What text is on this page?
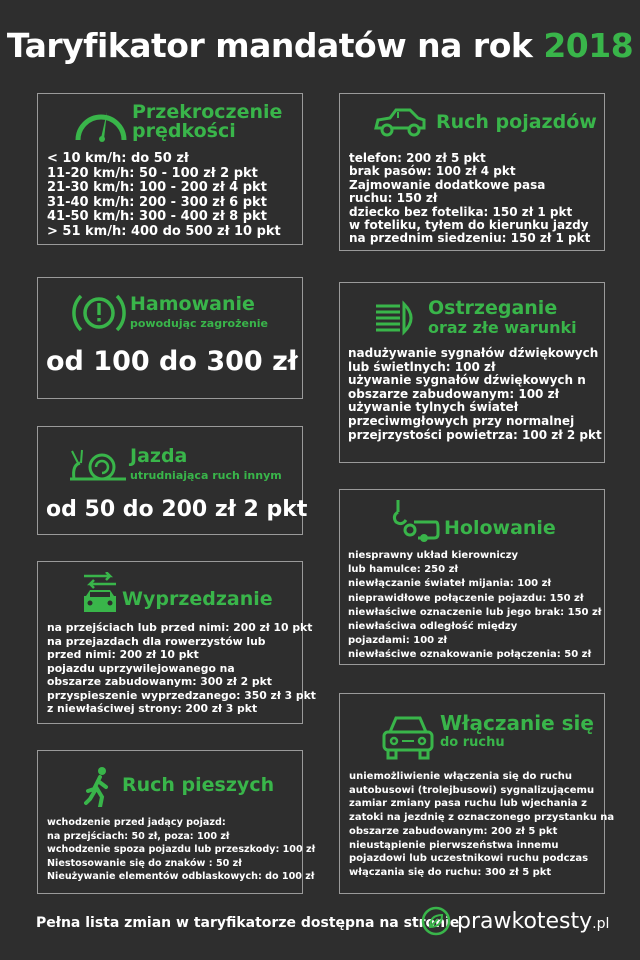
Taryfikator mandatów na rok 2018
Przekroczenie
prędkości
< 10 km/h: do 50 zł
11-20 km/h: 50 - 100 zł 2 pkt
21-30 km/h: 100 - 200 zł 4 pkt
31-40 km/h: 200 - 300 zł 6 pkt
41-50 km/h: 300 - 400 zł 8 pkt
> 51 km/h: 400 do 500 zł 10 pkt
Ruch pojazdów
telefon: 200 zł 5 pkt
brak pasów: 100 zł 4 pkt
Zajmowanie dodatkowe pasa
ruchu: 150 zł
dziecko bez fotelika: 150 zł 1 pkt
w foteliku, tyłem do kierunku jazdy
na przednim siedzeniu: 150 zł 1 pkt
Hamowanie
powodując zagrożenie
od 100 do 300 zł
Ostrzeganie
oraz złe warunki
nadużywanie sygnałów dźwiękowych
lub świetlnych: 100 zł
używanie sygnałów dźwiękowych n
obszarze zabudowanym: 100 zł
używanie tylnych świateł
przeciwmgłowych przy normalnej
przejrzystości powietrza: 100 zł 2 pkt
Jazda
utrudniająca ruch innym
od 50 do 200 zł 2 pkt
Holowanie
niesprawny układ kierowniczy
lub hamulce: 250 zł
niewłączanie świateł mijania: 100 zł
nieprawidłowe połączenie pojazdu: 150 zł
niewłaściwe oznaczenie lub jego brak: 150 zł
niewłaściwa odległość między
pojazdami: 100 zł
niewłaściwe oznakowanie połączenia: 50 zł
Wyprzedzanie
na przejściach lub przed nimi: 200 zł 10 pkt
na przejazdach dla rowerzystów lub
przed nimi: 200 zł 10 pkt
pojazdu uprzywilejowanego na
obszarze zabudowanym: 300 zł 2 pkt
przyspieszenie wyprzedzanego: 350 zł 3 pkt
z niewłaściwej strony: 200 zł 3 pkt
Włączanie się
do ruchu
uniemożliwienie włączenia się do ruchu
autobusowi (trolejbusowi) sygnalizującemu
zamiar zmiany pasa ruchu lub wjechania z
zatoki na jezdnię z oznaczonego przystanku na
obszarze zabudowanym: 200 zł 5 pkt
nieustąpienie pierwszeństwa innemu
pojazdowi lub uczestnikowi ruchu podczas
włączania się do ruchu: 300 zł 5 pkt
Ruch pieszych
wchodzenie przed jadący pojazd:
na przejściach: 50 zł, poza: 100 zł
wchodzenie spoza pojazdu lub przeszkody: 100 zł
Niestosowanie się do znaków : 50 zł
Nieużywanie elementów odblaskowych: do 100 zł
Pełna lista zmian w taryfikatorze dostępna na stronie
prawkotesty.pl
